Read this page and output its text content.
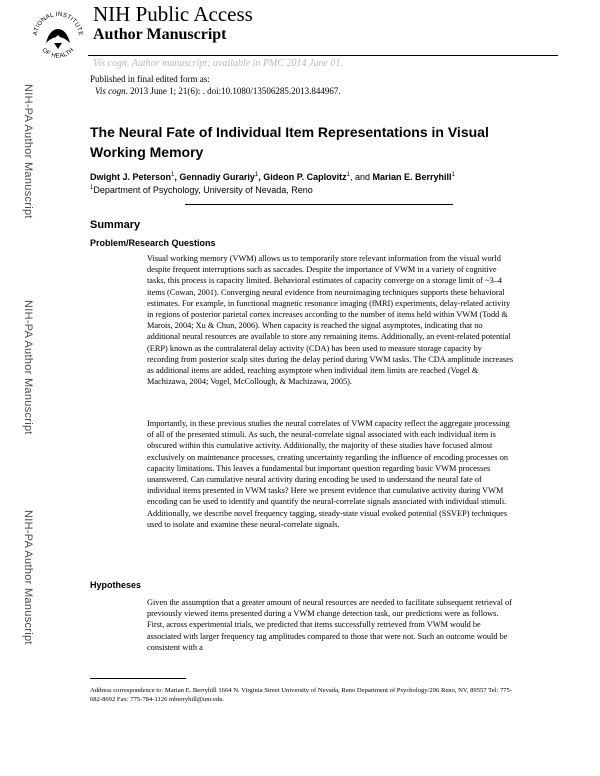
ATIONAL INSTITUTE
OF HEALTH
NIH Public Access
Author Manuscript
Vis cogn. Author manuscript; available in PMC 2014 June 01.
Published in final edited form as:
Vis cogn. 2013 June 1; 21(6): . doi:10.1080/13506285.2013.844967.
NIH-PA Author Manuscript
NIH-PA Author Manuscript
NIH-PA Author Manuscript
The Neural Fate of Individual Item Representations in Visual Working Memory
Dwight J. Peterson$^1$, Gennadiy Gurariy$^1$, Gideon P. Caplovitz$^1$, and Marian E. Berryhill$^1$
$^1$Department of Psychology, University of Nevada, Reno
Summary
Problem/Research Questions
Visual working memory (VWM) allows us to temporarily store relevant information from the visual world despite frequent interruptions such as saccades. Despite the importance of VWM in a variety of cognitive tasks, this process is capacity limited. Behavioral estimates of capacity converge on a storage limit of ~3–4 items (Cowan, 2001). Converging neural evidence from neuroimaging techniques supports these behavioral estimates. For example, in functional magnetic resonance imaging (fMRI) experiments, delay-related activity in regions of posterior parietal cortex increases according to the number of items held within VWM (Todd & Marois, 2004; Xu & Chun, 2006). When capacity is reached the signal asymptotes, indicating that no additional neural resources are available to store any remaining items. Additionally, an event-related potential (ERP) known as the contralateral delay activity (CDA) has been used to measure storage capacity by recording from posterior scalp sites during the delay period during VWM tasks. The CDA amplitude increases as additional items are added, reaching asymptote when individual item limits are reached (Vogel & Machizawa, 2004; Vogel, McCollough, & Machizawa, 2005).
Importantly, in these previous studies the neural correlates of VWM capacity reflect the aggregate processing of all of the presented stimuli. As such, the neural-correlate signal associated with each individual item is obscured within this cumulative activity. Additionally, the majority of these studies have focused almost exclusively on maintenance processes, creating uncertainty regarding the influence of encoding processes on capacity limitations. This leaves a fundamental but important question regarding basic VWM processes unanswered. Can cumulative neural activity during encoding be used to understand the neural fate of individual items presented in VWM tasks? Here we present evidence that cumulative activity during VWM encoding can be used to identify and quantify the neural-correlate signals associated with individual stimuli. Additionally, we describe novel frequency tagging, steady-state visual evoked potential (SSVEP) techniques used to isolate and examine these neural-correlate signals.
Hypotheses
Given the assumption that a greater amount of neural resources are needed to facilitate subsequent retrieval of previously viewed items presented during a VWM change detection task, our predictions were as follows. First, across experimental trials, we predicted that items successfully retrieved from VWM would be associated with larger frequency tag amplitudes compared to those that were not. Such an outcome would be consistent with a
Address correspondence to: Marian E. Berryhill 1664 N. Virginia Street University of Nevada, Reno Department of Psychology/296 Reno, NV, 89557 Tel: 775-682-8692 Fax: 775-784-1126 mberryhill@unr.edu.
